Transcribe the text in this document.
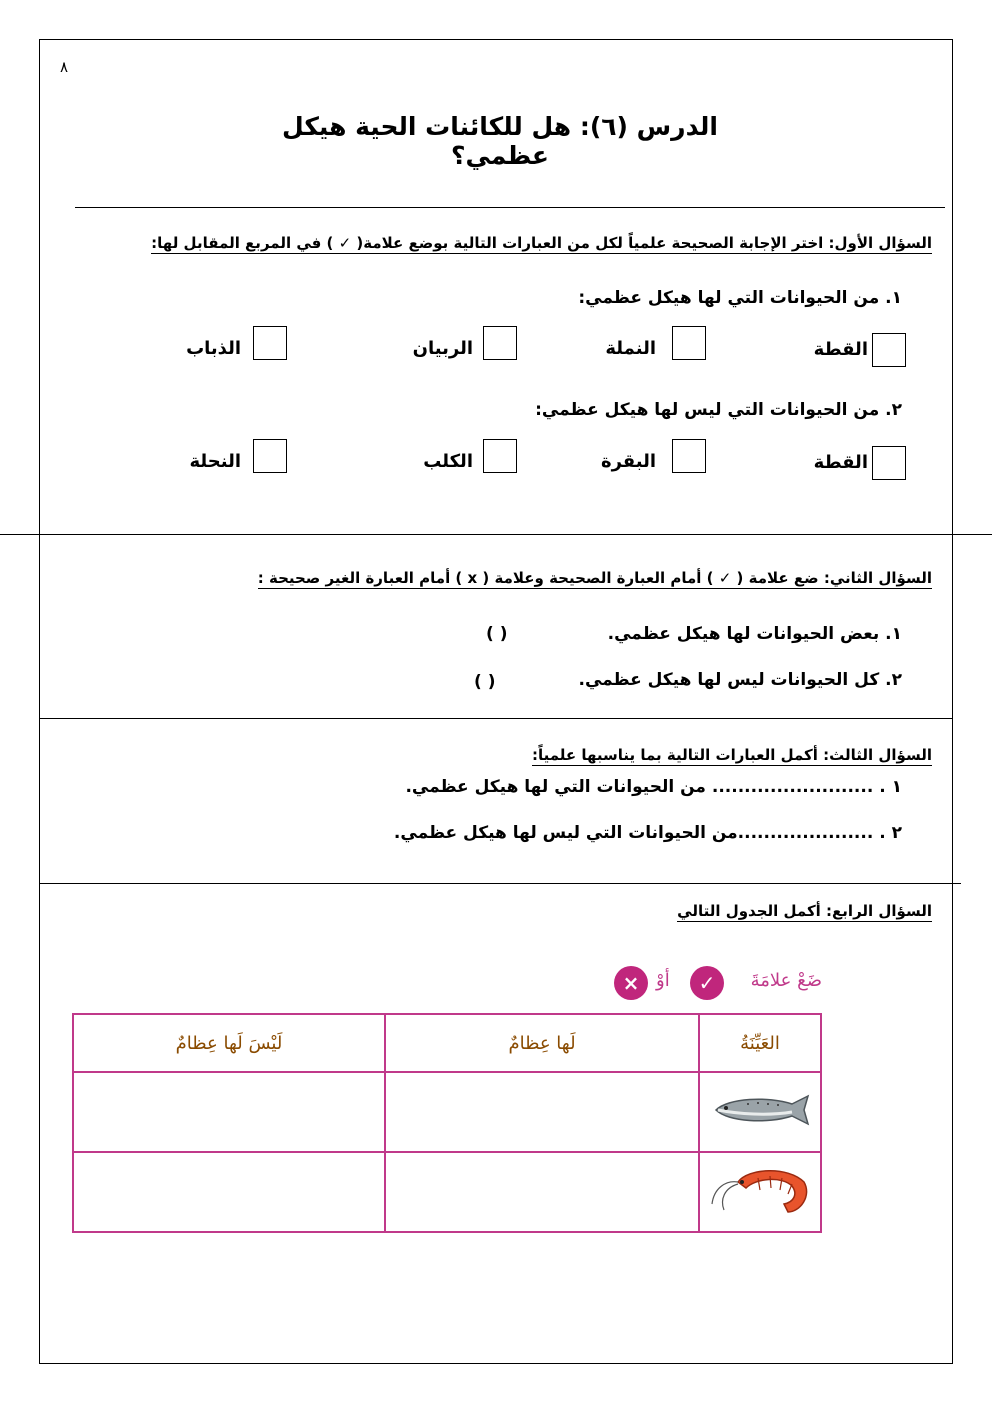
٨
الدرس (٦): هل للكائنات الحية هيكل عظمي؟
السؤال الأول: اختر الإجابة الصحيحة علمياً لكل من العبارات التالية بوضع علامة( ✓ ) في المربع المقابل لها:
١. من الحيوانات التي لها هيكل عظمي:
القطة
النملة
الربيان
الذباب
٢. من الحيوانات التي ليس لها هيكل عظمي:
القطة
البقرة
الكلب
النحلة
السؤال الثاني: ضع علامة ( ✓ ) أمام العبارة الصحيحة وعلامة ( x ) أمام العبارة الغير صحيحة :
١. بعض الحيوانات لها هيكل عظمي.
( )
٢. كل الحيوانات ليس لها هيكل عظمي.
( )
السؤال الثالث: أكمل العبارات التالية بما يناسبها علمياً:
١ . ......................... من الحيوانات التي لها هيكل عظمي.
٢ . .....................من الحيوانات التي ليس لها هيكل عظمي.
السؤال الرابع: أكمل الجدول التالي
ضَعْ علامَةَ
✓
أوْ
×
العَيِّنَةُ	لَها عِظامٌ	لَيْسَ لَها عِظامٌ
